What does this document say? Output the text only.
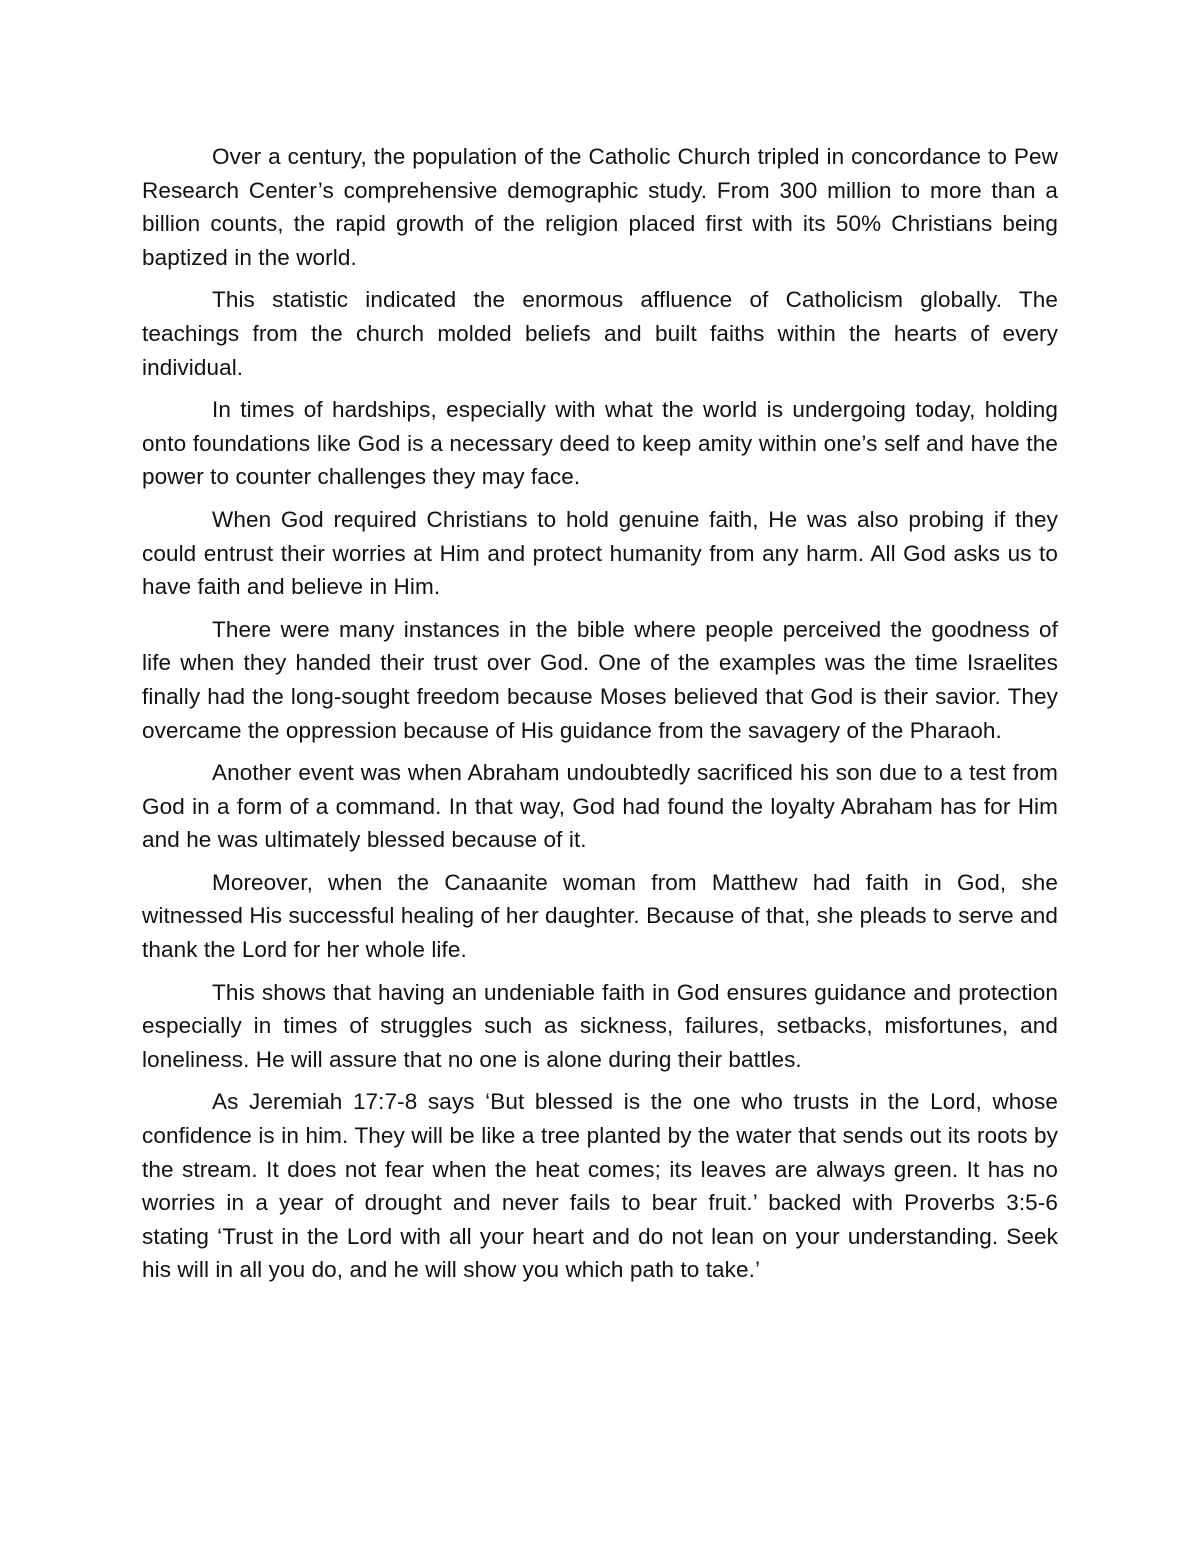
Over a century, the population of the Catholic Church tripled in concordance to Pew Research Center’s comprehensive demographic study. From 300 million to more than a billion counts, the rapid growth of the religion placed first with its 50% Christians being baptized in the world.

This statistic indicated the enormous affluence of Catholicism globally. The teachings from the church molded beliefs and built faiths within the hearts of every individual.

In times of hardships, especially with what the world is undergoing today, holding onto foundations like God is a necessary deed to keep amity within one’s self and have the power to counter challenges they may face.

When God required Christians to hold genuine faith, He was also probing if they could entrust their worries at Him and protect humanity from any harm. All God asks us to have faith and believe in Him.

There were many instances in the bible where people perceived the goodness of life when they handed their trust over God. One of the examples was the time Israelites finally had the long-sought freedom because Moses believed that God is their savior. They overcame the oppression because of His guidance from the savagery of the Pharaoh.

Another event was when Abraham undoubtedly sacrificed his son due to a test from God in a form of a command. In that way, God had found the loyalty Abraham has for Him and he was ultimately blessed because of it.

Moreover, when the Canaanite woman from Matthew had faith in God, she witnessed His successful healing of her daughter. Because of that, she pleads to serve and thank the Lord for her whole life.

This shows that having an undeniable faith in God ensures guidance and protection especially in times of struggles such as sickness, failures, setbacks, misfortunes, and loneliness. He will assure that no one is alone during their battles.

As Jeremiah 17:7-8 says ‘But blessed is the one who trusts in the Lord, whose confidence is in him. They will be like a tree planted by the water that sends out its roots by the stream. It does not fear when the heat comes; its leaves are always green. It has no worries in a year of drought and never fails to bear fruit.’ backed with Proverbs 3:5-6 stating ‘Trust in the Lord with all your heart and do not lean on your understanding. Seek his will in all you do, and he will show you which path to take.’
